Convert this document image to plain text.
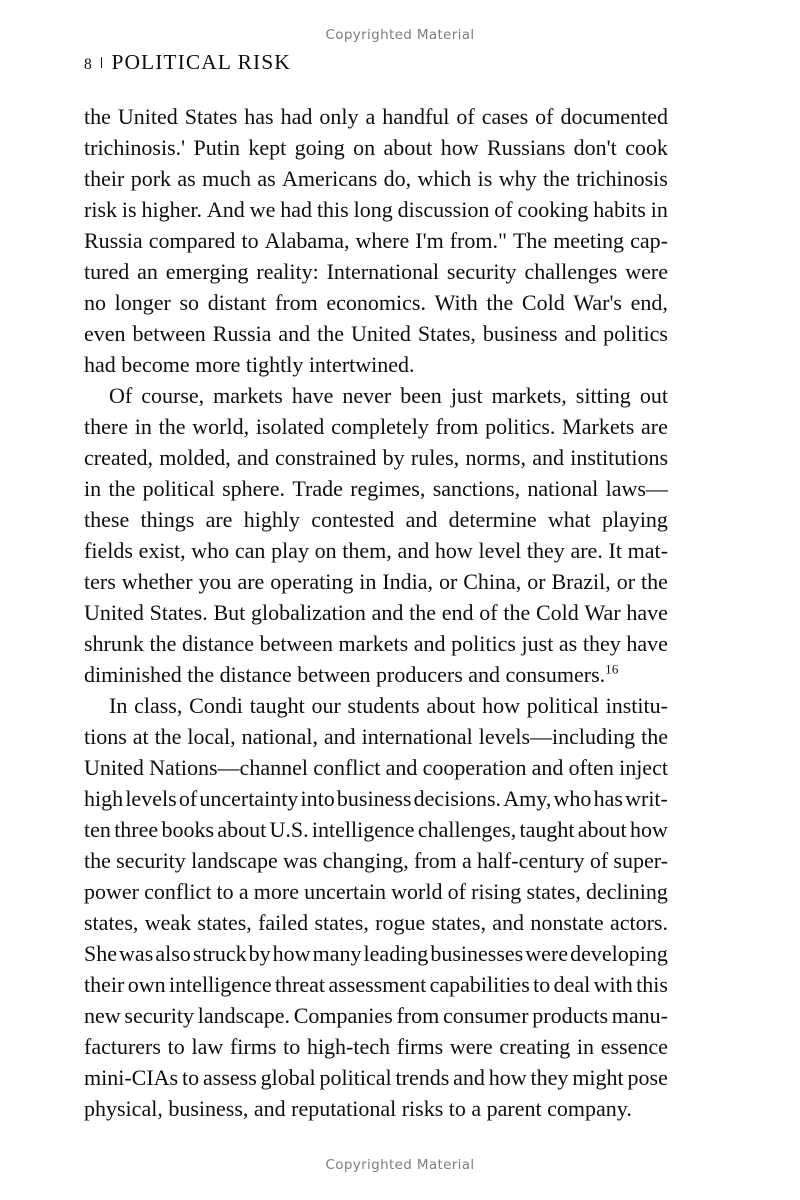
Copyrighted Material
8 POLITICAL RISK
the United States has had only a handful of cases of documented
trichinosis.' Putin kept going on about how Russians don't cook
their pork as much as Americans do, which is why the trichinosis
risk is higher. And we had this long discussion of cooking habits in
Russia compared to Alabama, where I'm from." The meeting cap-
tured an emerging reality: International security challenges were
no longer so distant from economics. With the Cold War's end,
even between Russia and the United States, business and politics
had become more tightly intertwined.
Of course, markets have never been just markets, sitting out
there in the world, isolated completely from politics. Markets are
created, molded, and constrained by rules, norms, and institutions
in the political sphere. Trade regimes, sanctions, national laws—
these things are highly contested and determine what playing
fields exist, who can play on them, and how level they are. It mat-
ters whether you are operating in India, or China, or Brazil, or the
United States. But globalization and the end of the Cold War have
shrunk the distance between markets and politics just as they have
diminished the distance between producers and consumers.$^{16}$
In class, Condi taught our students about how political institu-
tions at the local, national, and international levels—including the
United Nations—channel conflict and cooperation and often inject
high levels of uncertainty into business decisions. Amy, who has writ-
ten three books about U.S. intelligence challenges, taught about how
the security landscape was changing, from a half-century of super-
power conflict to a more uncertain world of rising states, declining
states, weak states, failed states, rogue states, and nonstate actors.
She was also struck by how many leading businesses were developing
their own intelligence threat assessment capabilities to deal with this
new security landscape. Companies from consumer products manu-
facturers to law firms to high-tech firms were creating in essence
mini-CIAs to assess global political trends and how they might pose
physical, business, and reputational risks to a parent company.
Copyrighted Material
